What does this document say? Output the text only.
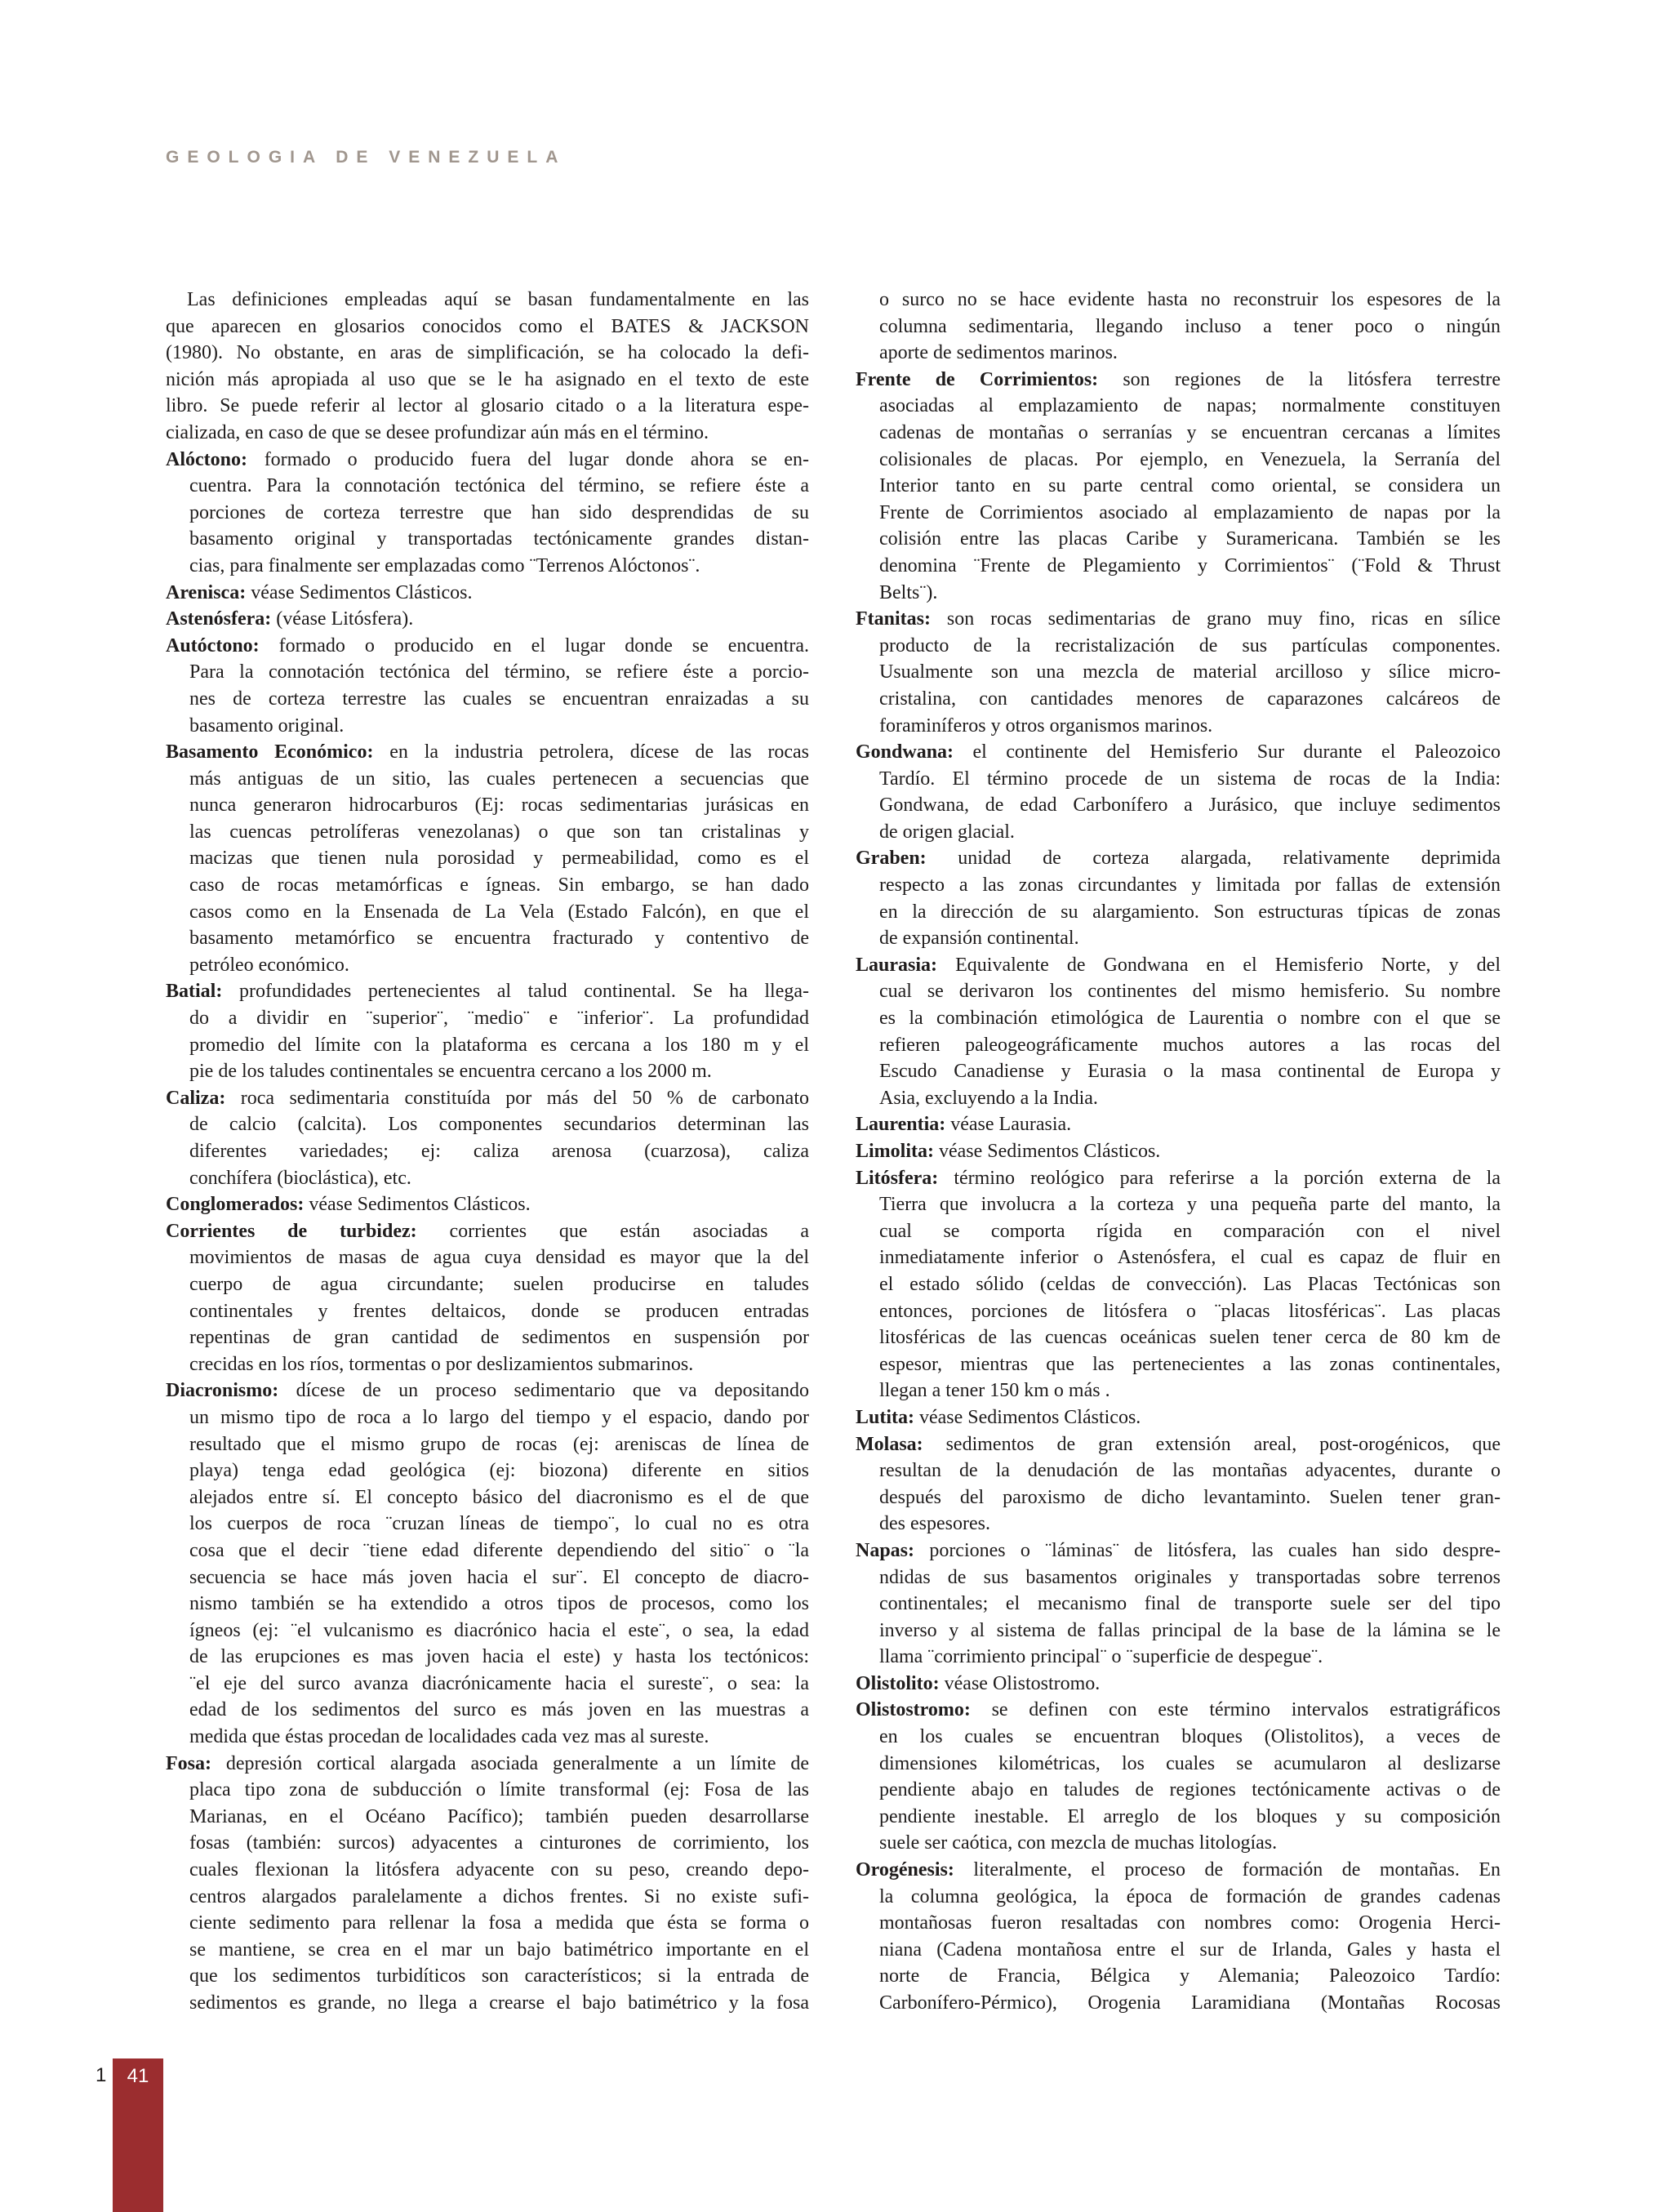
GEOLOGIA DE VENEZUELA
Las definiciones empleadas aquí se basan fundamentalmente en las
que aparecen en glosarios conocidos como el BATES & JACKSON
(1980). No obstante, en aras de simplificación, se ha colocado la defi-
nición más apropiada al uso que se le ha asignado en el texto de este
libro. Se puede referir al lector al glosario citado o a la literatura espe-
cializada, en caso de que se desee profundizar aún más en el término.
Alóctono: formado o producido fuera del lugar donde ahora se en-
cuentra. Para la connotación tectónica del término, se refiere éste a
porciones de corteza terrestre que han sido desprendidas de su
basamento original y transportadas tectónicamente grandes distan-
cias, para finalmente ser emplazadas como ¨Terrenos Alóctonos¨.
Arenisca: véase Sedimentos Clásticos.
Astenósfera: (véase Litósfera).
Autóctono: formado o producido en el lugar donde se encuentra.
Para la connotación tectónica del término, se refiere éste a porcio-
nes de corteza terrestre las cuales se encuentran enraizadas a su
basamento original.
Basamento Económico: en la industria petrolera, dícese de las rocas
más antiguas de un sitio, las cuales pertenecen a secuencias que
nunca generaron hidrocarburos (Ej: rocas sedimentarias jurásicas en
las cuencas petrolíferas venezolanas) o que son tan cristalinas y
macizas que tienen nula porosidad y permeabilidad, como es el
caso de rocas metamórficas e ígneas. Sin embargo, se han dado
casos como en la Ensenada de La Vela (Estado Falcón), en que el
basamento metamórfico se encuentra fracturado y contentivo de
petróleo económico.
Batial: profundidades pertenecientes al talud continental. Se ha llega-
do a dividir en ¨superior¨, ¨medio¨ e ¨inferior¨. La profundidad
promedio del límite con la plataforma es cercana a los 180 m y el
pie de los taludes continentales se encuentra cercano a los 2000 m.
Caliza: roca sedimentaria constituída por más del 50 % de carbonato
de calcio (calcita). Los componentes secundarios determinan las
diferentes variedades; ej: caliza arenosa (cuarzosa), caliza
conchífera (bioclástica), etc.
Conglomerados: véase Sedimentos Clásticos.
Corrientes de turbidez: corrientes que están asociadas a
movimientos de masas de agua cuya densidad es mayor que la del
cuerpo de agua circundante; suelen producirse en taludes
continentales y frentes deltaicos, donde se producen entradas
repentinas de gran cantidad de sedimentos en suspensión por
crecidas en los ríos, tormentas o por deslizamientos submarinos.
Diacronismo: dícese de un proceso sedimentario que va depositando
un mismo tipo de roca a lo largo del tiempo y el espacio, dando por
resultado que el mismo grupo de rocas (ej: areniscas de línea de
playa) tenga edad geológica (ej: biozona) diferente en sitios
alejados entre sí. El concepto básico del diacronismo es el de que
los cuerpos de roca ¨cruzan líneas de tiempo¨, lo cual no es otra
cosa que el decir ¨tiene edad diferente dependiendo del sitio¨ o ¨la
secuencia se hace más joven hacia el sur¨. El concepto de diacro-
nismo también se ha extendido a otros tipos de procesos, como los
ígneos (ej: ¨el vulcanismo es diacrónico hacia el este¨, o sea, la edad
de las erupciones es mas joven hacia el este) y hasta los tectónicos:
¨el eje del surco avanza diacrónicamente hacia el sureste¨, o sea: la
edad de los sedimentos del surco es más joven en las muestras a
medida que éstas procedan de localidades cada vez mas al sureste.
Fosa: depresión cortical alargada asociada generalmente a un límite de
placa tipo zona de subducción o límite transformal (ej: Fosa de las
Marianas, en el Océano Pacífico); también pueden desarrollarse
fosas (también: surcos) adyacentes a cinturones de corrimiento, los
cuales flexionan la litósfera adyacente con su peso, creando depo-
centros alargados paralelamente a dichos frentes. Si no existe sufi-
ciente sedimento para rellenar la fosa a medida que ésta se forma o
se mantiene, se crea en el mar un bajo batimétrico importante en el
que los sedimentos turbidíticos son característicos; si la entrada de
sedimentos es grande, no llega a crearse el bajo batimétrico y la fosa
o surco no se hace evidente hasta no reconstruir los espesores de la
columna sedimentaria, llegando incluso a tener poco o ningún
aporte de sedimentos marinos.
Frente de Corrimientos: son regiones de la litósfera terrestre
asociadas al emplazamiento de napas; normalmente constituyen
cadenas de montañas o serranías y se encuentran cercanas a límites
colisionales de placas. Por ejemplo, en Venezuela, la Serranía del
Interior tanto en su parte central como oriental, se considera un
Frente de Corrimientos asociado al emplazamiento de napas por la
colisión entre las placas Caribe y Suramericana. También se les
denomina ¨Frente de Plegamiento y Corrimientos¨ (¨Fold & Thrust
Belts¨).
Ftanitas: son rocas sedimentarias de grano muy fino, ricas en sílice
producto de la recristalización de sus partículas componentes.
Usualmente son una mezcla de material arcilloso y sílice micro-
cristalina, con cantidades menores de caparazones calcáreos de
foraminíferos y otros organismos marinos.
Gondwana: el continente del Hemisferio Sur durante el Paleozoico
Tardío. El término procede de un sistema de rocas de la India:
Gondwana, de edad Carbonífero a Jurásico, que incluye sedimentos
de origen glacial.
Graben: unidad de corteza alargada, relativamente deprimida
respecto a las zonas circundantes y limitada por fallas de extensión
en la dirección de su alargamiento. Son estructuras típicas de zonas
de expansión continental.
Laurasia: Equivalente de Gondwana en el Hemisferio Norte, y del
cual se derivaron los continentes del mismo hemisferio. Su nombre
es la combinación etimológica de Laurentia o nombre con el que se
refieren paleogeográficamente muchos autores a las rocas del
Escudo Canadiense y Eurasia o la masa continental de Europa y
Asia, excluyendo a la India.
Laurentia: véase Laurasia.
Limolita: véase Sedimentos Clásticos.
Litósfera: término reológico para referirse a la porción externa de la
Tierra que involucra a la corteza y una pequeña parte del manto, la
cual se comporta rígida en comparación con el nivel
inmediatamente inferior o Astenósfera, el cual es capaz de fluir en
el estado sólido (celdas de convección). Las Placas Tectónicas son
entonces, porciones de litósfera o ¨placas litosféricas¨. Las placas
litosféricas de las cuencas oceánicas suelen tener cerca de 80 km de
espesor, mientras que las pertenecientes a las zonas continentales,
llegan a tener 150 km o más .
Lutita: véase Sedimentos Clásticos.
Molasa: sedimentos de gran extensión areal, post-orogénicos, que
resultan de la denudación de las montañas adyacentes, durante o
después del paroxismo de dicho levantaminto. Suelen tener gran-
des espesores.
Napas: porciones o ¨láminas¨ de litósfera, las cuales han sido despre-
ndidas de sus basamentos originales y transportadas sobre terrenos
continentales; el mecanismo final de transporte suele ser del tipo
inverso y al sistema de fallas principal de la base de la lámina se le
llama ¨corrimiento principal¨ o ¨superficie de despegue¨.
Olistolito: véase Olistostromo.
Olistostromo: se definen con este término intervalos estratigráficos
en los cuales se encuentran bloques (Olistolitos), a veces de
dimensiones kilométricas, los cuales se acumularon al deslizarse
pendiente abajo en taludes de regiones tectónicamente activas o de
pendiente inestable. El arreglo de los bloques y su composición
suele ser caótica, con mezcla de muchas litologías.
Orogénesis: literalmente, el proceso de formación de montañas. En
la columna geológica, la época de formación de grandes cadenas
montañosas fueron resaltadas con nombres como: Orogenia Herci-
niana (Cadena montañosa entre el sur de Irlanda, Gales y hasta el
norte de Francia, Bélgica y Alemania; Paleozoico Tardío:
Carbonífero-Pérmico), Orogenia Laramidiana (Montañas Rocosas
1	41
